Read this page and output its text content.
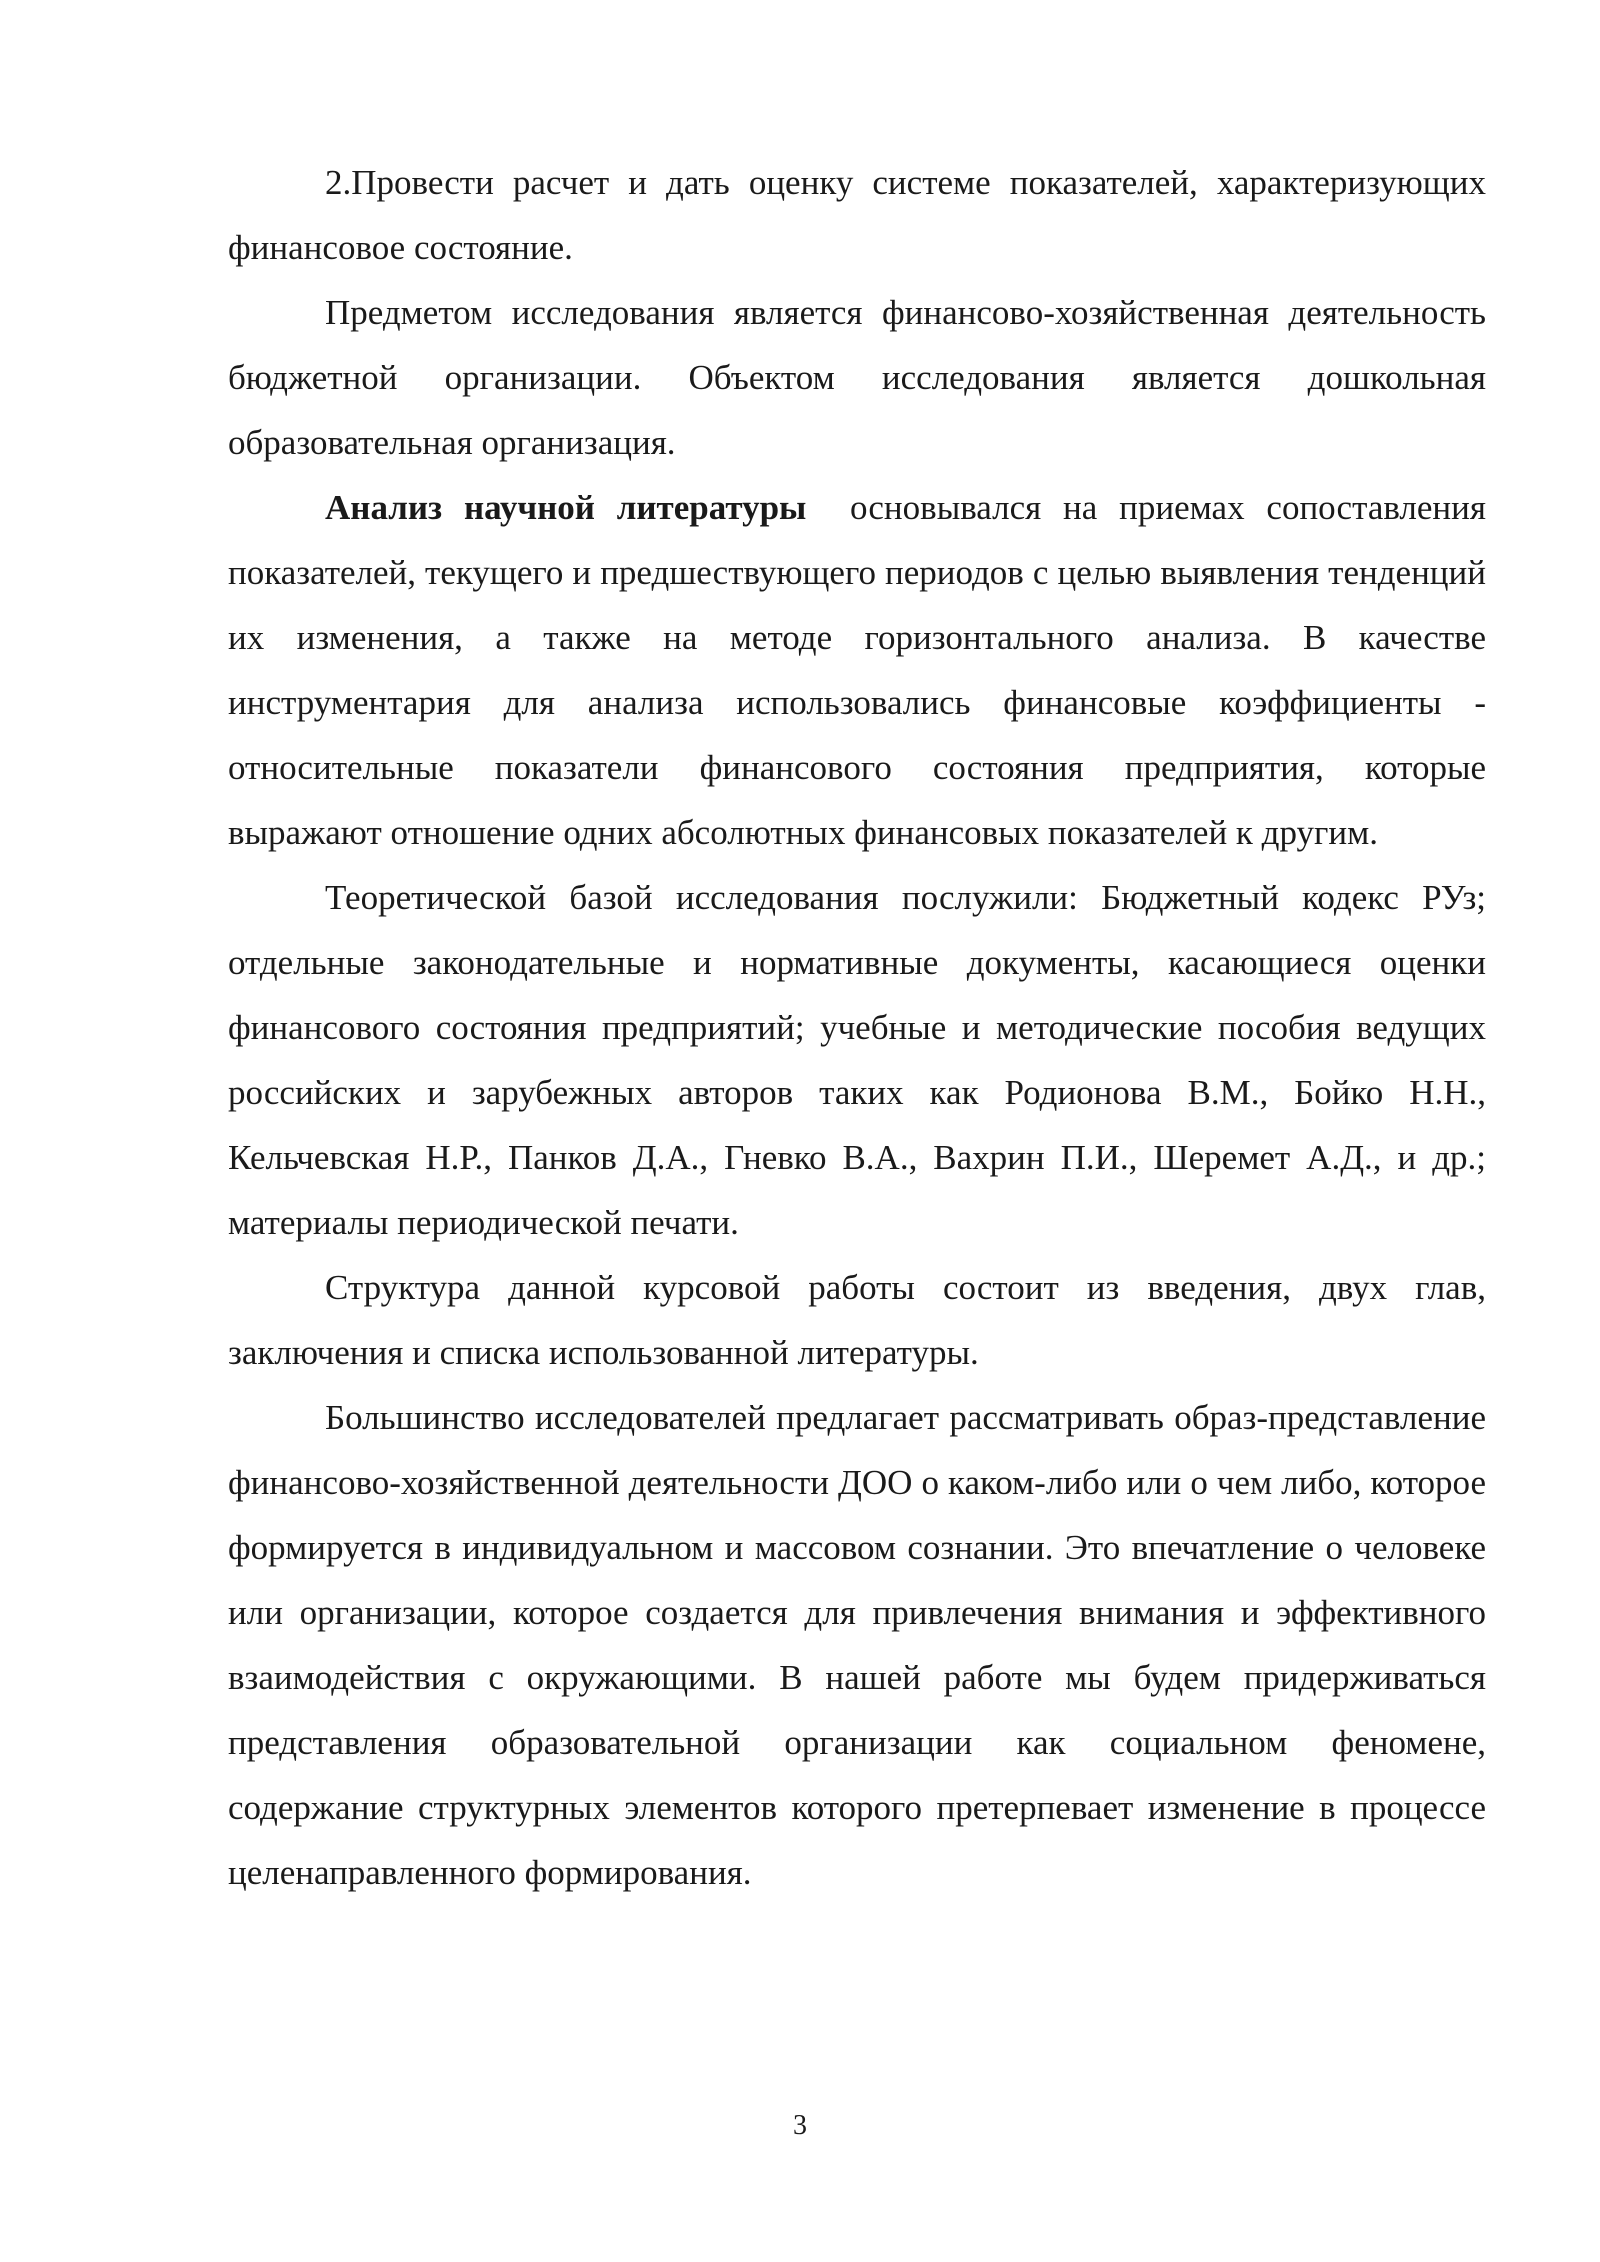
2.Провести расчет и дать оценку системе показателей, характеризующих финансовое состояние.

Предметом исследования является финансово-хозяйственная деятельность бюджетной организации. Объектом исследования является дошкольная образовательная организация.

Анализ научной литературы  основывался на приемах сопоставления показателей, текущего и предшествующего периодов с целью выявления тенденций их изменения, а также на методе горизонтального анализа. В качестве инструментария для анализа использовались финансовые коэффициенты - относительные показатели финансового состояния предприятия, которые выражают отношение одних абсолютных финансовых показателей к другим.

Теоретической базой исследования послужили: Бюджетный кодекс РУз; отдельные законодательные и нормативные документы, касающиеся оценки финансового состояния предприятий; учебные и методические пособия ведущих российских и зарубежных авторов таких как Родионова В.М., Бойко Н.Н., Кельчевская Н.Р., Панков Д.А., Гневко В.А., Вахрин П.И., Шеремет А.Д., и др.; материалы периодической печати.

Структура данной курсовой работы состоит из введения, двух глав, заключения и списка использованной литературы.

Большинство исследователей предлагает рассматривать образ-представление финансово-хозяйственной деятельности ДОО о каком-либо или о чем либо, которое формируется в индивидуальном и массовом сознании. Это впечатление о человеке или организации, которое создается для привлечения внимания и эффективного взаимодействия с окружающими. В нашей работе мы будем придерживаться представления образовательной организации как социальном феномене, содержание структурных элементов которого претерпевает изменение в процессе целенаправленного формирования.

3
